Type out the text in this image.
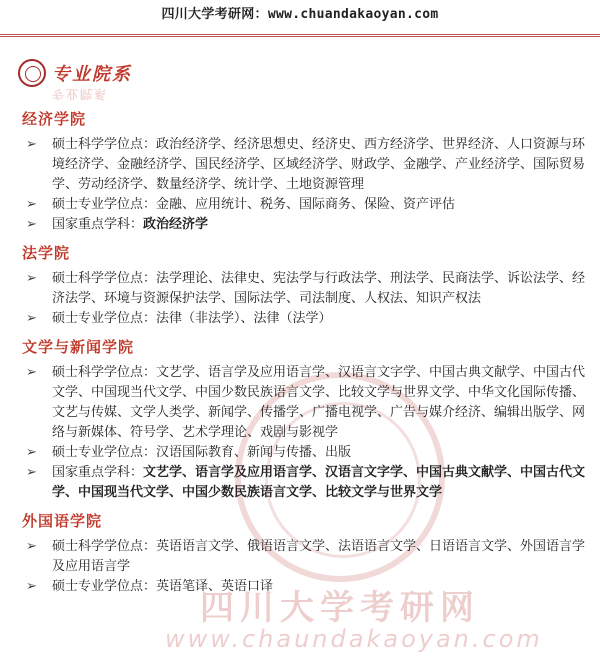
四川大学考研网：www.chuandakaoyan.com
专业院系
专业院系
经济学院
➢ 硕士科学学位点：政治经济学、经济思想史、经济史、西方经济学、世界经济、人口资源与环境经济学、金融经济学、国民经济学、区域经济学、财政学、金融学、产业经济学、国际贸易学、劳动经济学、数量经济学、统计学、土地资源管理
➢ 硕士专业学位点：金融、应用统计、税务、国际商务、保险、资产评估
➢ 国家重点学科：政治经济学
法学院
➢ 硕士科学学位点：法学理论、法律史、宪法学与行政法学、刑法学、民商法学、诉讼法学、经济法学、环境与资源保护法学、国际法学、司法制度、人权法、知识产权法
➢ 硕士专业学位点：法律（非法学）、法律（法学）
文学与新闻学院
➢ 硕士科学学位点：文艺学、语言学及应用语言学、汉语言文字学、中国古典文献学、中国古代文学、中国现当代文学、中国少数民族语言文学、比较文学与世界文学、中华文化国际传播、文艺与传媒、文学人类学、新闻学、传播学、广播电视学、广告与媒介经济、编辑出版学、网络与新媒体、符号学、艺术学理论、戏剧与影视学
➢ 硕士专业学位点：汉语国际教育、新闻与传播、出版
➢ 国家重点学科：文艺学、语言学及应用语言学、汉语言文字学、中国古典文献学、中国古代文学、中国现当代文学、中国少数民族语言文学、比较文学与世界文学
外国语学院
➢ 硕士科学学位点：英语语言文学、俄语语言文学、法语语言文学、日语语言文学、外国语言学及应用语言学
➢ 硕士专业学位点：英语笔译、英语口译
四川大学考研网
www.chaundakaoyan.com
